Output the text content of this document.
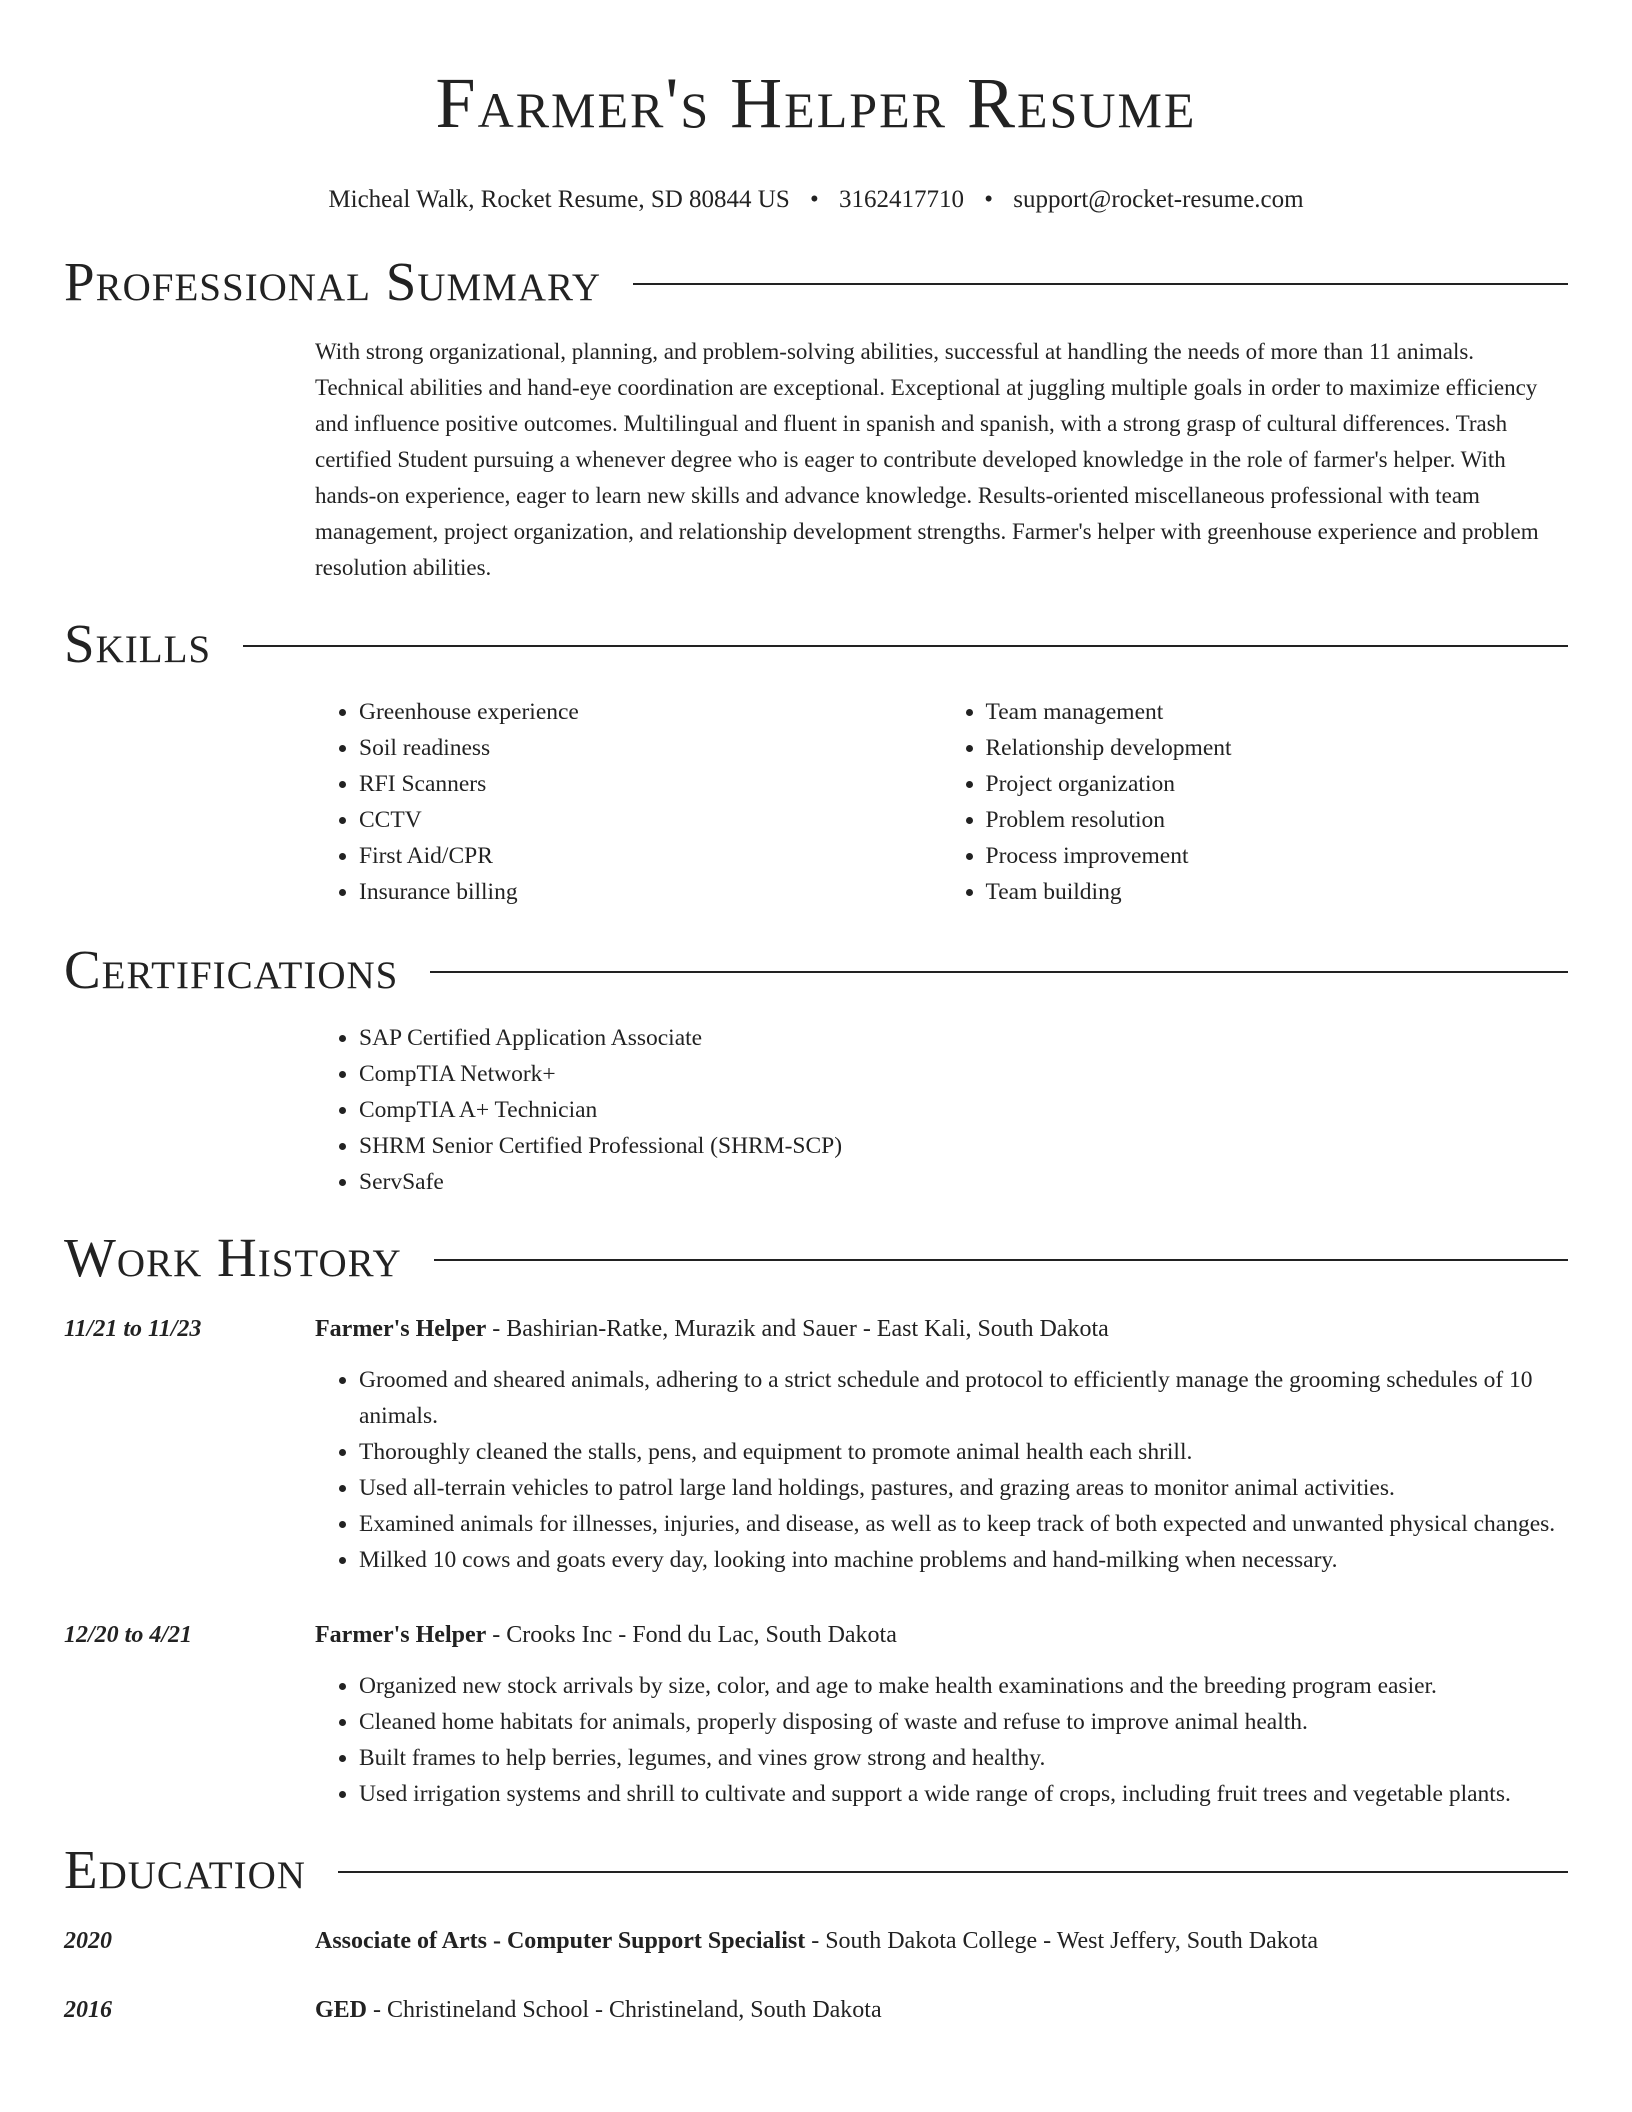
Farmer's Helper Resume
Micheal Walk, Rocket Resume, SD 80844 US • 3162417710 • support@rocket-resume.com
Professional Summary
With strong organizational, planning, and problem-solving abilities, successful at handling the needs of more than 11 animals. Technical abilities and hand-eye coordination are exceptional. Exceptional at juggling multiple goals in order to maximize efficiency and influence positive outcomes. Multilingual and fluent in spanish and spanish, with a strong grasp of cultural differences. Trash certified Student pursuing a whenever degree who is eager to contribute developed knowledge in the role of farmer's helper. With hands-on experience, eager to learn new skills and advance knowledge. Results-oriented miscellaneous professional with team management, project organization, and relationship development strengths. Farmer's helper with greenhouse experience and problem resolution abilities.
Skills
• Greenhouse experience
• Soil readiness
• RFI Scanners
• CCTV
• First Aid/CPR
• Insurance billing
• Team management
• Relationship development
• Project organization
• Problem resolution
• Process improvement
• Team building
Certifications
• SAP Certified Application Associate
• CompTIA Network+
• CompTIA A+ Technician
• SHRM Senior Certified Professional (SHRM-SCP)
• ServSafe
Work History
11/21 to 11/23	Farmer's Helper - Bashirian-Ratke, Murazik and Sauer - East Kali, South Dakota
• Groomed and sheared animals, adhering to a strict schedule and protocol to efficiently manage the grooming schedules of 10 animals.
• Thoroughly cleaned the stalls, pens, and equipment to promote animal health each shrill.
• Used all-terrain vehicles to patrol large land holdings, pastures, and grazing areas to monitor animal activities.
• Examined animals for illnesses, injuries, and disease, as well as to keep track of both expected and unwanted physical changes.
• Milked 10 cows and goats every day, looking into machine problems and hand-milking when necessary.
12/20 to 4/21	Farmer's Helper - Crooks Inc - Fond du Lac, South Dakota
• Organized new stock arrivals by size, color, and age to make health examinations and the breeding program easier.
• Cleaned home habitats for animals, properly disposing of waste and refuse to improve animal health.
• Built frames to help berries, legumes, and vines grow strong and healthy.
• Used irrigation systems and shrill to cultivate and support a wide range of crops, including fruit trees and vegetable plants.
Education
2020	Associate of Arts - Computer Support Specialist - South Dakota College - West Jeffery, South Dakota
2016	GED - Christineland School - Christineland, South Dakota
